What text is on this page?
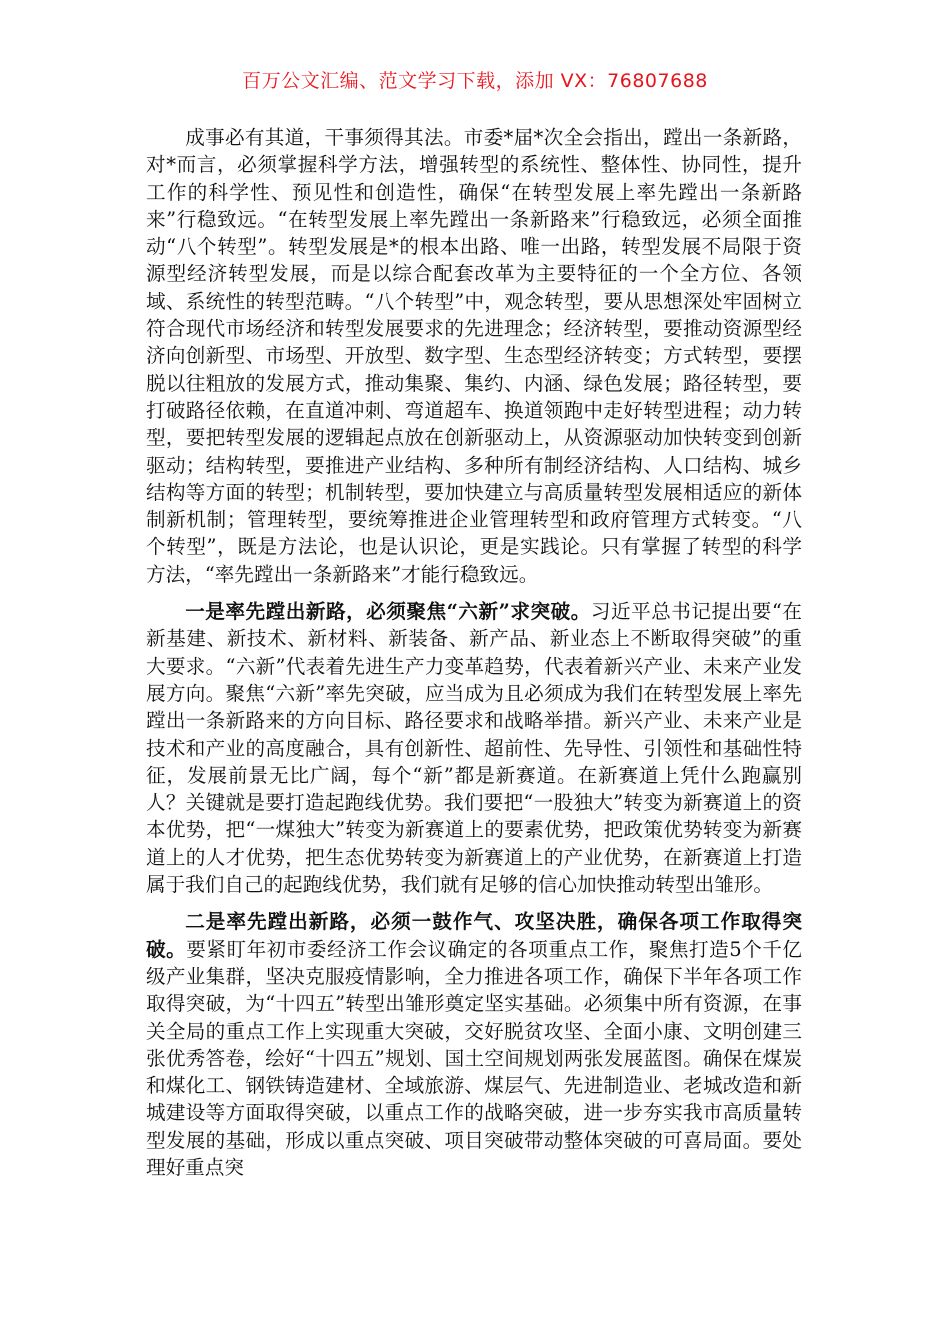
百万公文汇编、范文学习下载，添加 VX：76807688

成事必有其道，干事须得其法。市委*届*次全会指出，蹚出一条新路，对*而言，必须掌握科学方法，增强转型的系统性、整体性、协同性，提升工作的科学性、预见性和创造性，确保“在转型发展上率先蹚出一条新路来”行稳致远。“在转型发展上率先蹚出一条新路来”行稳致远，必须全面推动“八个转型”。转型发展是*的根本出路、唯一出路，转型发展不局限于资源型经济转型发展，而是以综合配套改革为主要特征的一个全方位、各领域、系统性的转型范畴。“八个转型”中，观念转型，要从思想深处牢固树立符合现代市场经济和转型发展要求的先进理念；经济转型，要推动资源型经济向创新型、市场型、开放型、数字型、生态型经济转变；方式转型，要摆脱以往粗放的发展方式，推动集聚、集约、内涵、绿色发展；路径转型，要打破路径依赖，在直道冲刺、弯道超车、换道领跑中走好转型进程；动力转型，要把转型发展的逻辑起点放在创新驱动上，从资源驱动加快转变到创新驱动；结构转型，要推进产业结构、多种所有制经济结构、人口结构、城乡结构等方面的转型；机制转型，要加快建立与高质量转型发展相适应的新体制新机制；管理转型，要统筹推进企业管理转型和政府管理方式转变。“八个转型”，既是方法论，也是认识论，更是实践论。只有掌握了转型的科学方法，“率先蹚出一条新路来”才能行稳致远。

一是率先蹚出新路，必须聚焦“六新”求突破。习近平总书记提出要“在新基建、新技术、新材料、新装备、新产品、新业态上不断取得突破”的重大要求。“六新”代表着先进生产力变革趋势，代表着新兴产业、未来产业发展方向。聚焦“六新”率先突破，应当成为且必须成为我们在转型发展上率先蹚出一条新路来的方向目标、路径要求和战略举措。新兴产业、未来产业是技术和产业的高度融合，具有创新性、超前性、先导性、引领性和基础性特征，发展前景无比广阔，每个“新”都是新赛道。在新赛道上凭什么跑赢别人？关键就是要打造起跑线优势。我们要把“一股独大”转变为新赛道上的资本优势，把“一煤独大”转变为新赛道上的要素优势，把政策优势转变为新赛道上的人才优势，把生态优势转变为新赛道上的产业优势，在新赛道上打造属于我们自己的起跑线优势，我们就有足够的信心加快推动转型出雏形。

二是率先蹚出新路，必须一鼓作气、攻坚决胜，确保各项工作取得突破。要紧盯年初市委经济工作会议确定的各项重点工作，聚焦打造5个千亿级产业集群，坚决克服疫情影响，全力推进各项工作，确保下半年各项工作取得突破，为“十四五”转型出雏形奠定坚实基础。必须集中所有资源，在事关全局的重点工作上实现重大突破，交好脱贫攻坚、全面小康、文明创建三张优秀答卷，绘好“十四五”规划、国土空间规划两张发展蓝图。确保在煤炭和煤化工、钢铁铸造建材、全域旅游、煤层气、先进制造业、老城改造和新城建设等方面取得突破，以重点工作的战略突破，进一步夯实我市高质量转型发展的基础，形成以重点突破、项目突破带动整体突破的可喜局面。要处理好重点突
